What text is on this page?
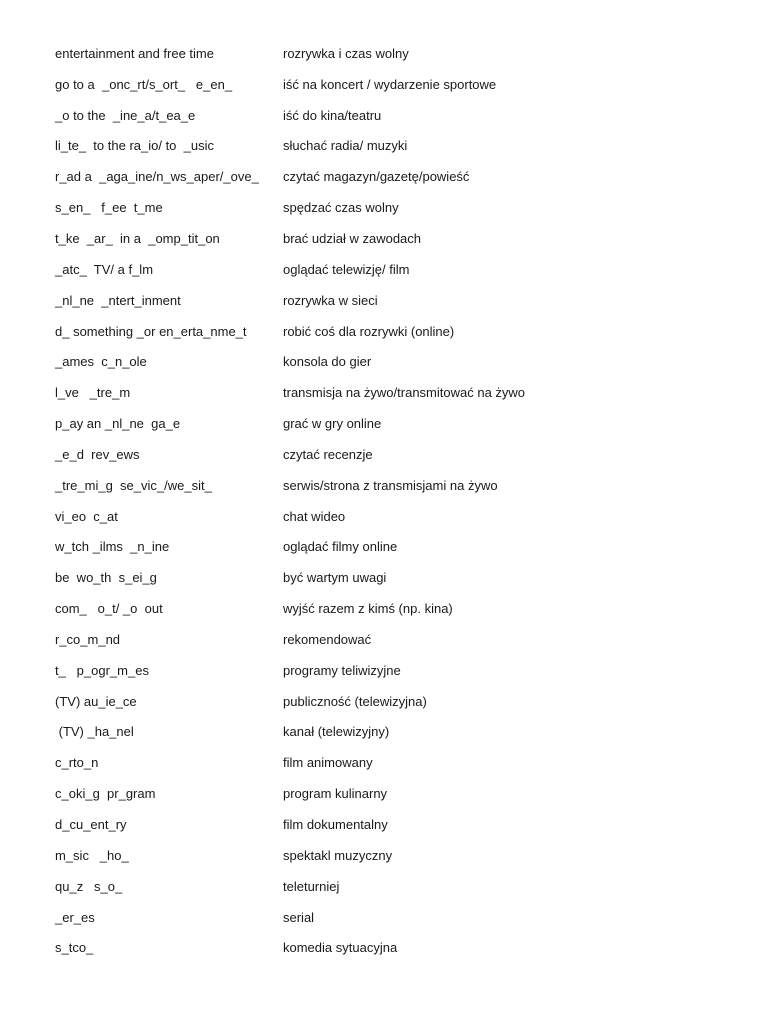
entertainment and free time	rozrywka i czas wolny
go to a  _onc_rt/s_ort_   e_en_	iść na koncert / wydarzenie sportowe
_o to the  _ine_a/t_ea_e	iść do kina/teatru
li_te_  to the ra_io/ to  _usic	słuchać radia/ muzyki
r_ad a  _aga_ine/n_ws_aper/_ove_	czytać magazyn/gazetę/powieść
s_en_   f_ee  t_me	spędzać czas wolny
t_ke  _ar_  in a  _omp_tit_on	brać udział w zawodach
_atc_  TV/ a f_lm	oglądać telewizję/ film
_nl_ne  _ntert_inment	rozrywka w sieci
d_ something _or en_erta_nme_t	robić coś dla rozrywki (online)
_ames  c_n_ole	konsola do gier
l_ve   _tre_m	transmisja na żywo/transmitować na żywo
p_ay an _nl_ne  ga_e	grać w gry online
_e_d  rev_ews	czytać recenzje
_tre_mi_g  se_vic_/we_sit_	serwis/strona z transmisjami na żywo
vi_eo  c_at	chat wideo
w_tch _ilms  _n_ine	oglądać filmy online
be  wo_th  s_ei_g	być wartym uwagi
com_   o_t/ _o  out	wyjść razem z kimś (np. kina)
r_co_m_nd	rekomendować
t_   p_ogr_m_es	programy teliwizyjne
(TV) au_ie_ce	publiczność (telewizyjna)
(TV) _ha_nel	kanał (telewizyjny)
c_rto_n	film animowany
c_oki_g  pr_gram	program kulinarny
d_cu_ent_ry	film dokumentalny
m_sic   _ho_	spektakl muzyczny
qu_z   s_o_	teleturniej
_er_es	serial
s_tco_	komedia sytuacyjna
